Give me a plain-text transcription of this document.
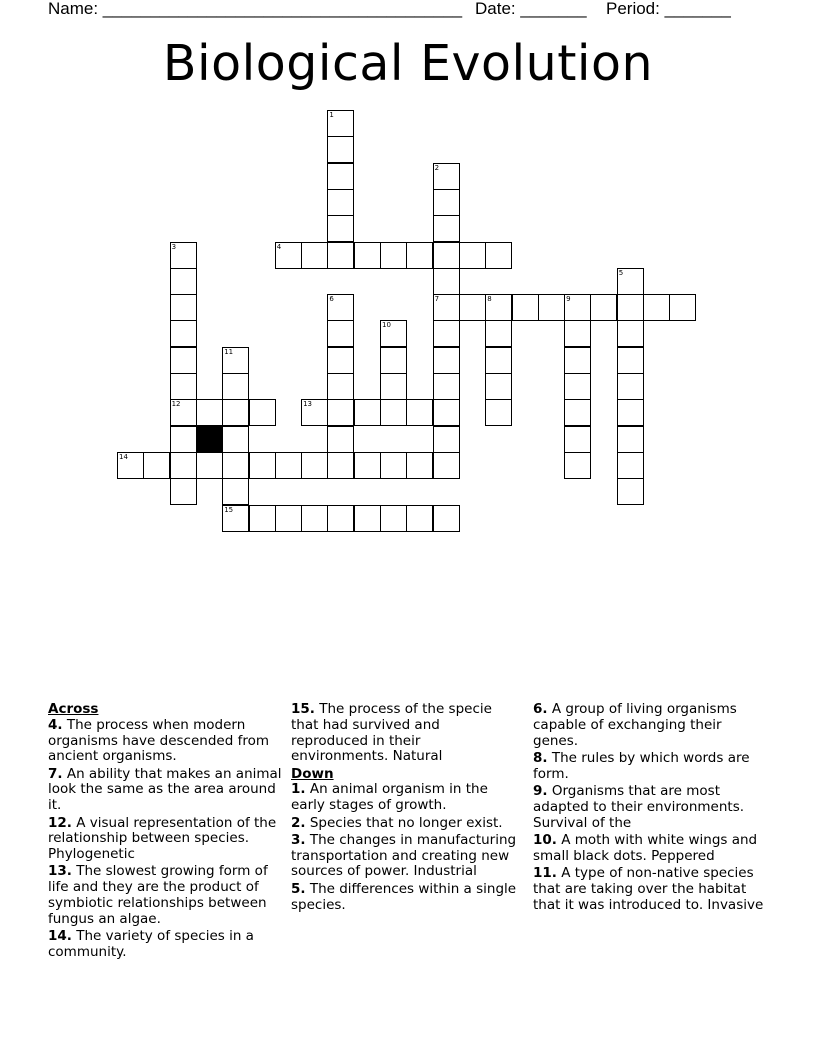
Name: ______________________________________ Date: _______ Period: _______
Biological Evolution
1
2
3	4
5
6	7	8	9
10
11
12	13
14
15
Across
4. The process when modern organisms have descended from ancient organisms.
7. An ability that makes an animal look the same as the area around it.
12. A visual representation of the relationship between species. Phylogenetic
13. The slowest growing form of life and they are the product of symbiotic relationships between fungus an algae.
14. The variety of species in a community.
15. The process of the specie that had survived and reproduced in their environments. Natural
Down
1. An animal organism in the early stages of growth.
2. Species that no longer exist.
3. The changes in manufacturing transportation and creating new sources of power. Industrial
5. The differences within a single species.
6. A group of living organisms capable of exchanging their genes.
8. The rules by which words are form.
9. Organisms that are most adapted to their environments. Survival of the
10. A moth with white wings and small black dots. Peppered
11. A type of non-native species that are taking over the habitat that it was introduced to. Invasive
